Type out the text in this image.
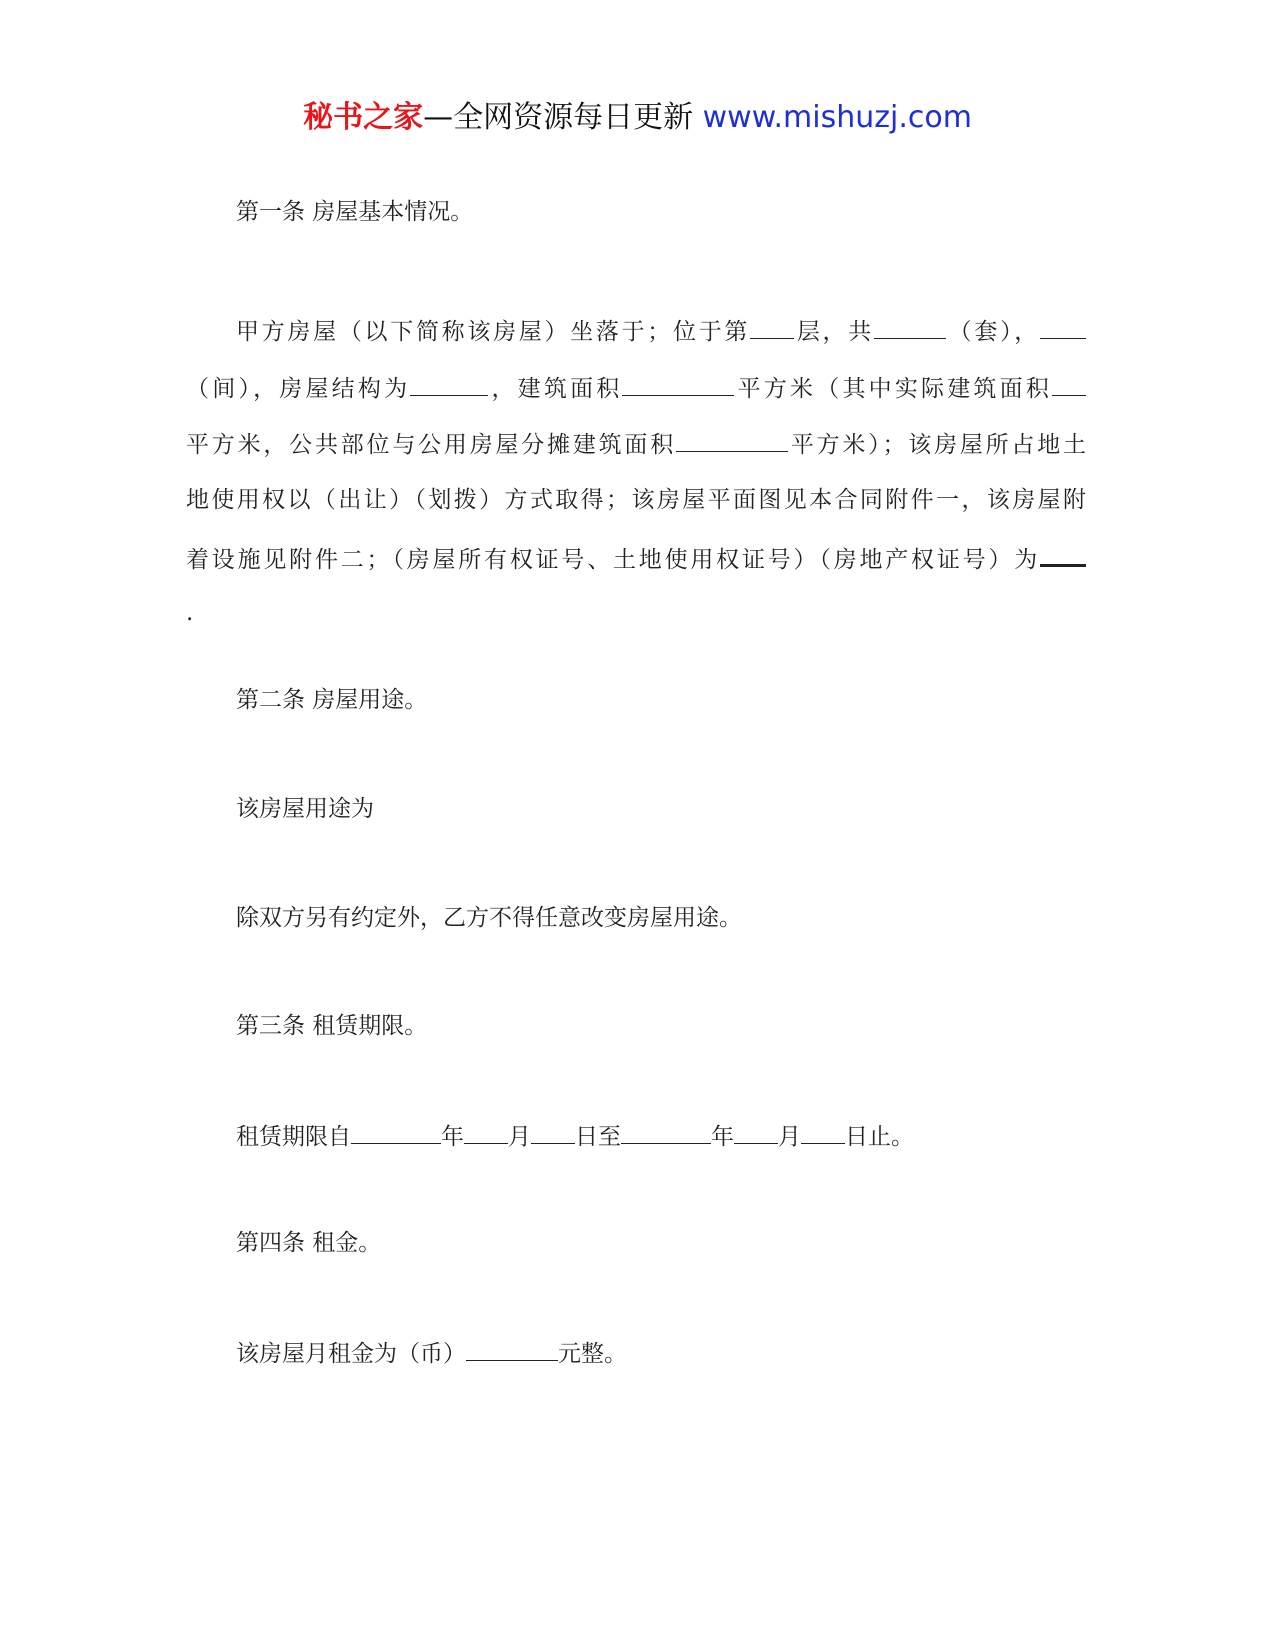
秘书之家—全网资源每日更新 www.mishuzj.com
第一条 房屋基本情况。
甲方房屋（以下简称该房屋）坐落于；位于第 层，共	（套），
（间），房屋结构为	，建筑面积	平方米（其中实际建筑面积
平方米，公共部位与公用房屋分摊建筑面积	平方米）；该房屋所占地土
地使用权以（出让）（划拨）方式取得；该房屋平面图见本合同附件一，该房屋附
着设施见附件二；（房屋所有权证号、土地使用权证号）（房地产权证号）为
.
第二条 房屋用途。
该房屋用途为
除双方另有约定外，乙方不得任意改变房屋用途。
第三条 租赁期限。
租赁期限自	年 月 日至	年 月 日止。
第四条 租金。
该房屋月租金为（币）	元整。
